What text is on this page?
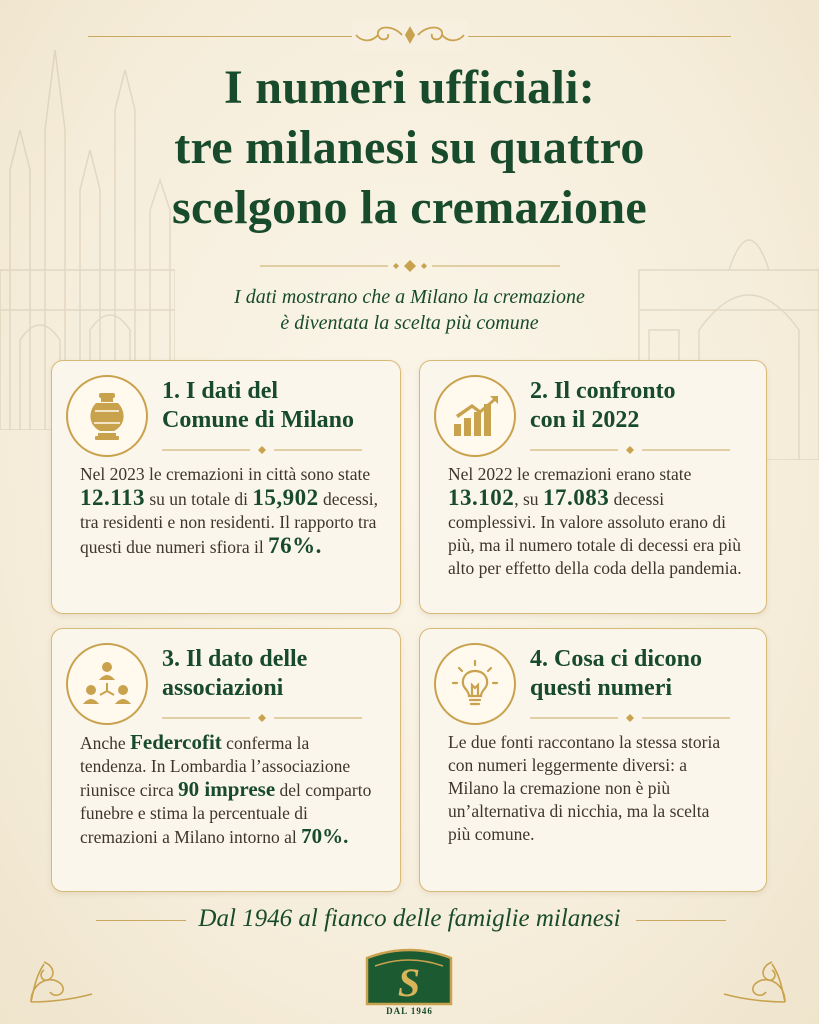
I numeri ufficiali:
tre milanesi su quattro
scelgono la cremazione
I dati mostrano che a Milano la cremazione
è diventata la scelta più comune
1. I dati del
Comune di Milano
Nel 2023 le cremazioni in città sono state 12.113 su un totale di 15,902 decessi, tra residenti e non residenti. Il rapporto tra questi due numeri sfiora il 76%.
2. Il confronto
con il 2022
Nel 2022 le cremazioni erano state 13.102, su 17.083 decessi complessivi. In valore assoluto erano di più, ma il numero totale di decessi era più alto per effetto della coda della pandemia.
3. Il dato delle
associazioni
Anche Federcofit conferma la tendenza. In Lombardia l’associazione riunisce circa 90 imprese del comparto funebre e stima la percentuale di cremazioni a Milano intorno al 70%.
4. Cosa ci dicono
questi numeri
Le due fonti raccontano la stessa storia con numeri leggermente diversi: a Milano la cremazione non è più un’alternativa di nicchia, ma la scelta più comune.
Dal 1946 al fianco delle famiglie milanesi
S
DAL 1946
